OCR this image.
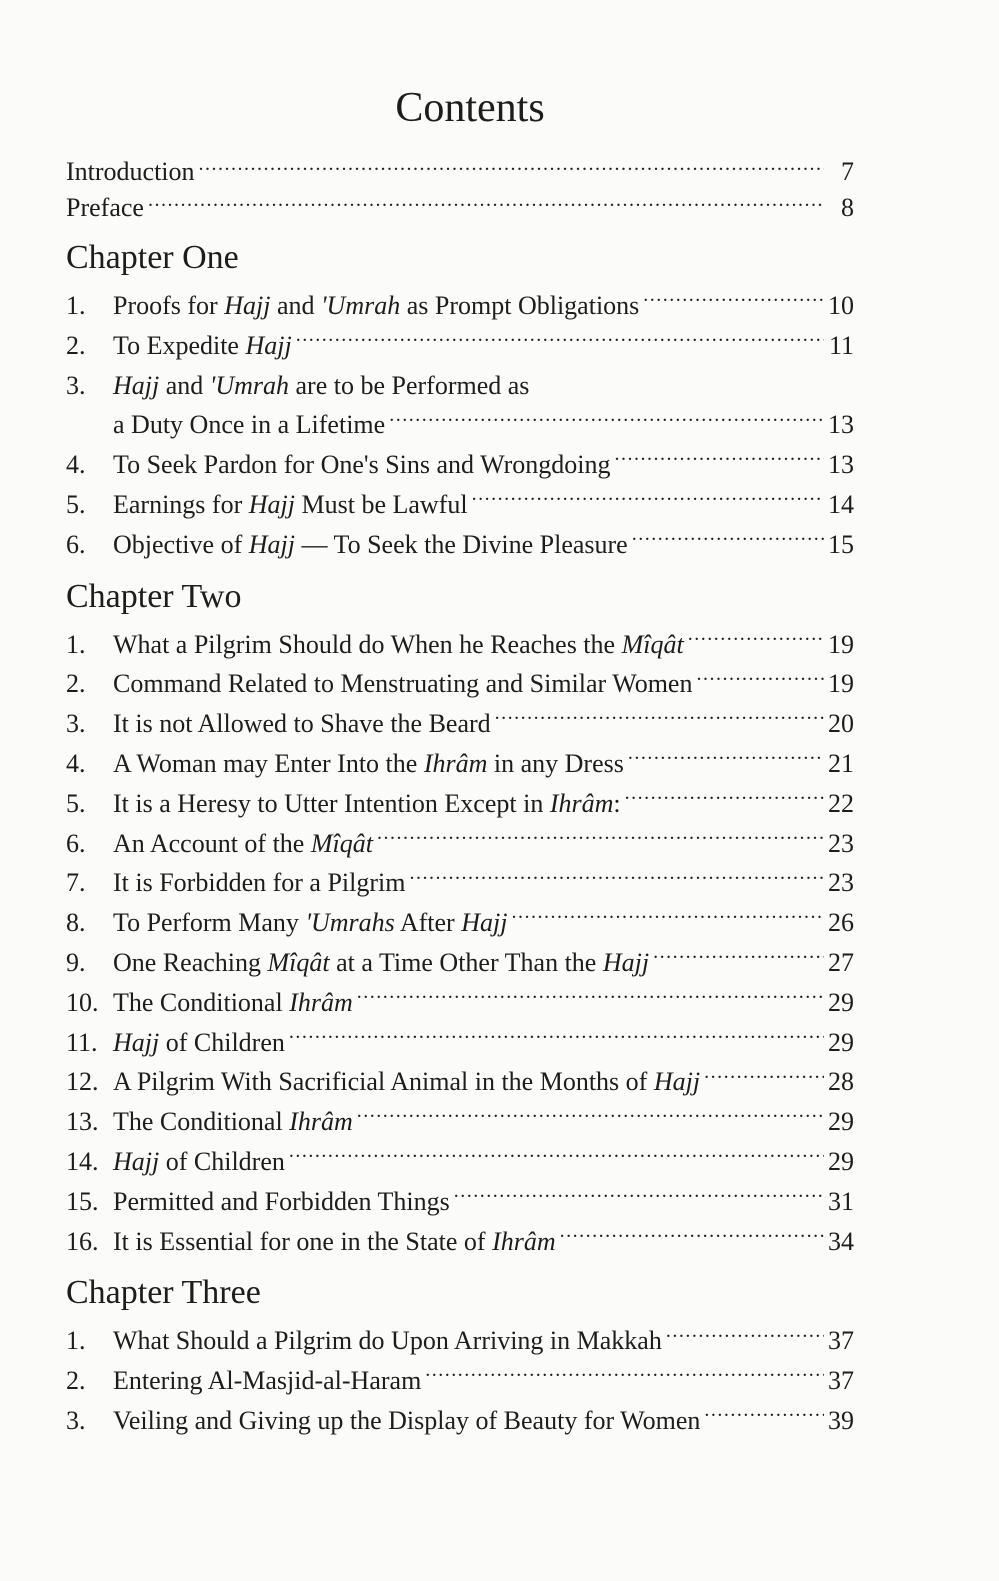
Contents
Introduction .....	7
Preface .....	8
Chapter One
1.	Proofs for Hajj and 'Umrah as Prompt Obligations .....	10
2.	To Expedite Hajj .....	11
3.	Hajj and 'Umrah are to be Performed as
a Duty Once in a Lifetime .....	13
4.	To Seek Pardon for One's Sins and Wrongdoing .....	13
5.	Earnings for Hajj Must be Lawful .....	14
6.	Objective of Hajj — To Seek the Divine Pleasure .....	15
Chapter Two
1.	What a Pilgrim Should do When he Reaches the Mîqât .....	19
2.	Command Related to Menstruating and Similar Women .....	19
3.	It is not Allowed to Shave the Beard .....	20
4.	A Woman may Enter Into the Ihrâm in any Dress .....	21
5.	It is a Heresy to Utter Intention Except in Ihrâm: .....	22
6.	An Account of the Mîqât .....	23
7.	It is Forbidden for a Pilgrim .....	23
8.	To Perform Many 'Umrahs After Hajj .....	26
9.	One Reaching Mîqât at a Time Other Than the Hajj .....	27
10. The Conditional Ihrâm .....	29
11. Hajj of Children .....	29
12. A Pilgrim With Sacrificial Animal in the Months of Hajj .....	28
13. The Conditional Ihrâm .....	29
14. Hajj of Children .....	29
15. Permitted and Forbidden Things .....	31
16. It is Essential for one in the State of Ihrâm .....	34
Chapter Three
1.	What Should a Pilgrim do Upon Arriving in Makkah .....	37
2.	Entering Al-Masjid-al-Haram .....	37
3.	Veiling and Giving up the Display of Beauty for Women .....	39
